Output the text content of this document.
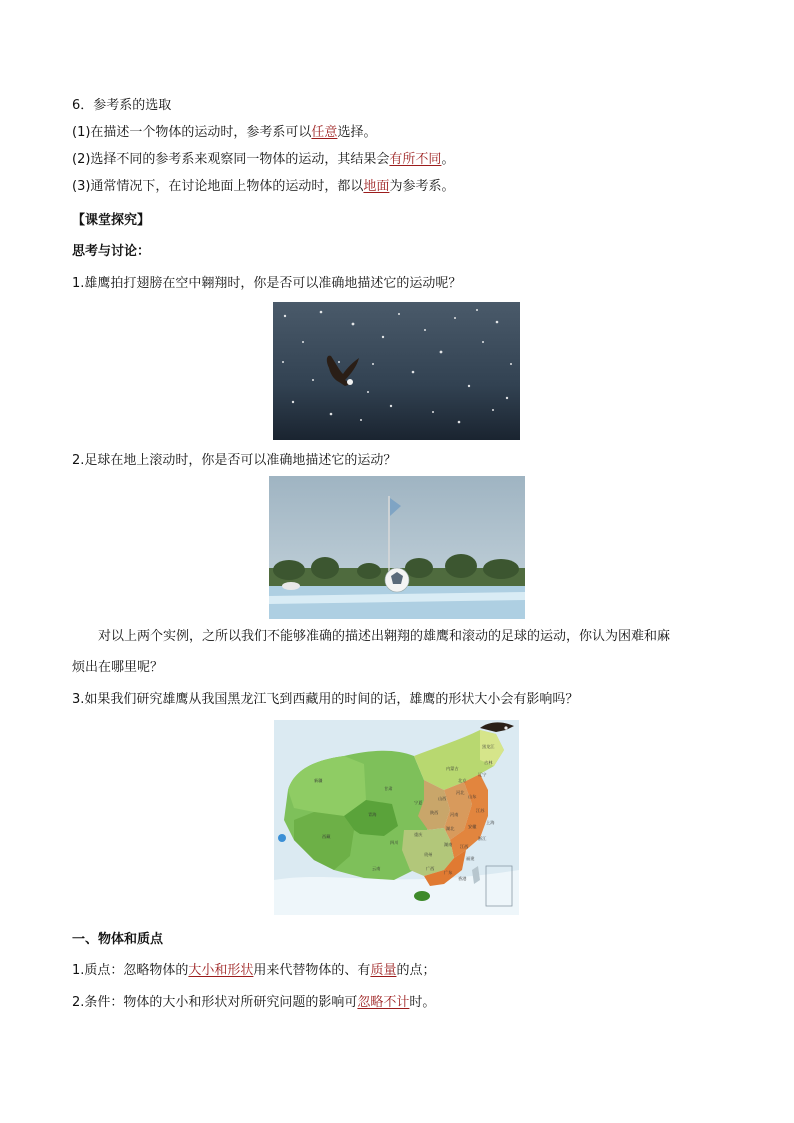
6．参考系的选取
(1)在描述一个物体的运动时，参考系可以任意选择。
(2)选择不同的参考系来观察同一物体的运动，其结果会有所不同。
(3)通常情况下，在讨论地面上物体的运动时，都以地面为参考系。
【课堂探究】
思考与讨论：
1.雄鹰拍打翅膀在空中翱翔时，你是否可以准确地描述它的运动呢？
2.足球在地上滚动时，你是否可以准确地描述它的运动？
对以上两个实例，之所以我们不能够准确的描述出翱翔的雄鹰和滚动的足球的运动，你认为困难和麻
烦出在哪里呢？
3.如果我们研究雄鹰从我国黑龙江飞到西藏用的时间的话，雄鹰的形状大小会有影响吗？
黑龙江
吉林
辽宁
内蒙古
新疆
西藏
青海
甘肃
四川
云南
山西
陕西
河北
河南
湖北
湖南
贵州
广西
广东
江西
安徽
浙江
江苏
上海
山东
福建
宁夏
北京
重庆
香港
一、物体和质点
1.质点：忽略物体的大小和形状用来代替物体的、有质量的点；
2.条件：物体的大小和形状对所研究问题的影响可忽略不计时。
